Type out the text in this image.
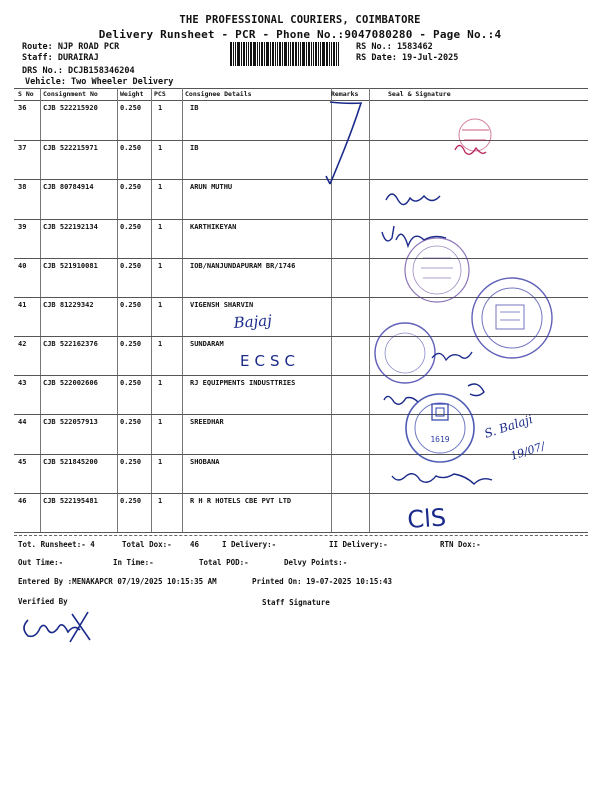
THE PROFESSIONAL COURIERS, COIMBATORE
Delivery Runsheet - PCR - Phone No.:9047080280 - Page No.:4
Route: NJP ROAD PCR
Staff: DURAIRAJ
DRS No.: DCJB158346204
Vehicle: Two Wheeler Delivery
RS No.: 1583462
RS Date: 19-Jul-2025
S No Consignment No	Weight PCS	Consignee Details	Remarks	Seal & Signature
36 CJB 522215920	0.250 1	IB
37 CJB 522215971	0.250 1	IB
38 CJB 80784914	0.250 1	ARUN MUTHU
39 CJB 522192134	0.250 1	KARTHIKEYAN
40 CJB 521910081	0.250 1	IOB/NANJUNDAPURAM BR/1746
41 CJB 81229342	0.250 1	VIGENSH SHARVIN
42 CJB 522162376	0.250 1	SUNDARAM
43 CJB 522002606	0.250 1	RJ EQUIPMENTS INDUSTTRIES
44 CJB 522057913	0.250 1	SREEDHAR
45 CJB 521845200	0.250 1	SHOBANA
46 CJB 522195481	0.250 1	R H R HOTELS CBE PVT LTD
Bajaj
ECSC
1619	S. Balaji
19/07/
ClS
Tot. Runsheet:- 4	Total Dox:- 46	I Delivery:-	II Delivery:-	RTN Dox:-
Out Time:-	In Time:-	Total POD:-	Delvy Points:-
Entered By :MENAKAPCR 07/19/2025 10:15:35 AM	Printed On: 19-07-2025 10:15:43
Verified By	Staff Signature
